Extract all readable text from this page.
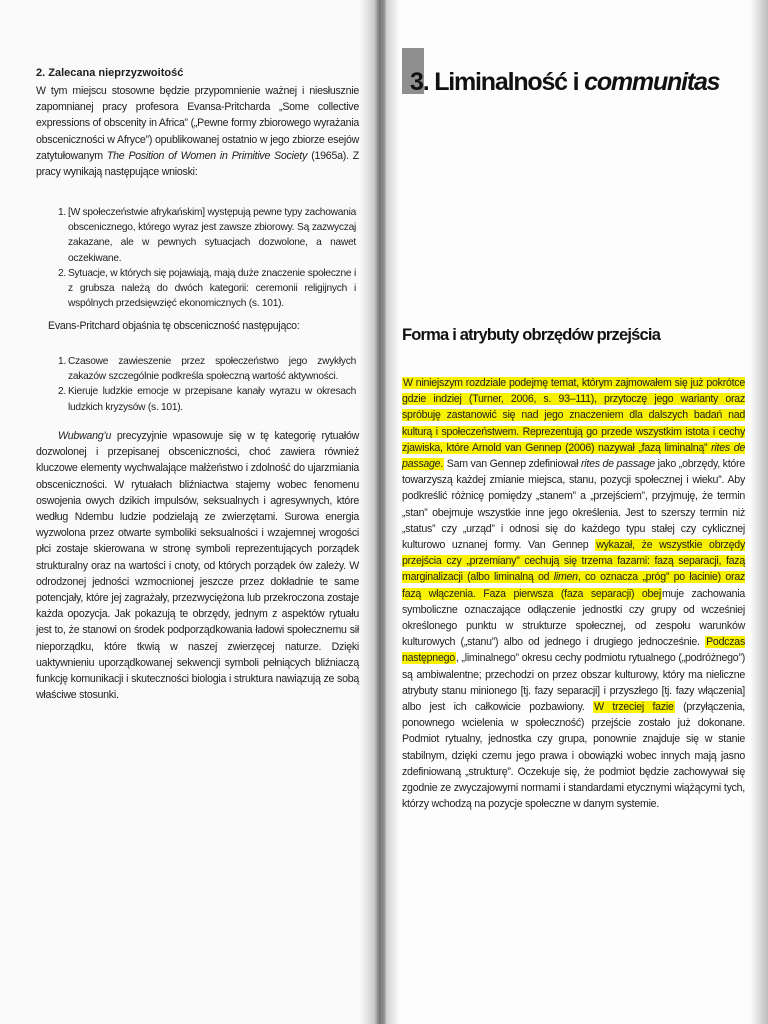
2. Zalecana nieprzyzwoitość
W tym miejscu stosowne będzie przypomnienie ważnej i niesłusznie zapomnianej pracy profesora Evansa-Pritcharda „Some collective expressions of obscenity in Africa” („Pewne formy zbiorowego wyrażania obsceniczności w Afryce”) opublikowanej ostatnio w jego zbiorze esejów zatytułowanym The Position of Women in Primitive Society (1965a). Z pracy wynikają następujące wnioski:
1. [W społeczeństwie afrykańskim] występują pewne typy zachowania obscenicznego, którego wyraz jest zawsze zbiorowy. Są zazwyczaj zakazane, ale w pewnych sytuacjach dozwolone, a nawet oczekiwane.
2. Sytuacje, w których się pojawiają, mają duże znaczenie społeczne i z grubsza należą do dwóch kategorii: ceremonii religijnych i wspólnych przedsięwzięć ekonomicznych (s. 101).
Evans-Pritchard objaśnia tę obsceniczność następująco:
1. Czasowe zawieszenie przez społeczeństwo jego zwykłych zakazów szczególnie podkreśla społeczną wartość aktywności.
2. Kieruje ludzkie emocje w przepisane kanały wyrazu w okresach ludzkich kryzysów (s. 101).
Wubwang’u precyzyjnie wpasowuje się w tę kategorię rytuałów dozwolonej i przepisanej obsceniczności, choć zawiera również kluczowe elementy wychwalające małżeństwo i zdolność do ujarzmiania obsceniczności. W rytuałach bliźniactwa stajemy wobec fenomenu oswojenia owych dzikich impulsów, seksualnych i agresywnych, które według Ndembu ludzie podzielają ze zwierzętami. Surowa energia wyzwolona przez otwarte symboliki seksualności i wzajemnej wrogości płci zostaje skierowana w stronę symboli reprezentujących porządek strukturalny oraz na wartości i cnoty, od których porządek ów zależy. W odrodzonej jedności wzmocnionej jeszcze przez dokładnie te same potencjały, które jej zagrażały, przezwyciężona lub przekroczona zostaje każda opozycja. Jak pokazują te obrzędy, jednym z aspektów rytuału jest to, że stanowi on środek podporządkowania ładowi społecznemu sił nieporządku, które tkwią w naszej zwierzęcej naturze. Dzięki uaktywnieniu uporządkowanej sekwencji symboli pełniących bliźniaczą funkcję komunikacji i skuteczności biologia i struktura nawiązują ze sobą właściwe stosunki.
3. Liminalność i communitas
Forma i atrybuty obrzędów przejścia
W niniejszym rozdziale podejmę temat, którym zajmowałem się już pokrótce gdzie indziej (Turner, 2006, s. 93–111), przytoczę jego warianty oraz spróbuję zastanowić się nad jego znaczeniem dla dalszych badań nad kulturą i społeczeństwem. Reprezentują go przede wszystkim istota i cechy zjawiska, które Arnold van Gennep (2006) nazywał „fazą liminalną” rites de passage. Sam van Gennep zdefiniował rites de passage jako „obrzędy, które towarzyszą każdej zmianie miejsca, stanu, pozycji społecznej i wieku”. Aby podkreślić różnicę pomiędzy „stanem” a „przejściem”, przyjmuję, że termin „stan” obejmuje wszystkie inne jego określenia. Jest to szerszy termin niż „status” czy „urząd” i odnosi się do każdego typu stałej czy cyklicznej kulturowo uznanej formy. Van Gennep wykazał, że wszystkie obrzędy przejścia czy „przemiany” cechują się trzema fazami: fazą separacji, fazą marginalizacji (albo liminalną od limen, co oznacza „próg” po łacinie) oraz fazą włączenia. Faza pierwsza (faza separacji) obejmuje zachowania symboliczne oznaczające odłączenie jednostki czy grupy od wcześniej określonego punktu w strukturze społecznej, od zespołu warunków kulturowych („stanu”) albo od jednego i drugiego jednocześnie. Podczas następnego, „liminalnego” okresu cechy podmiotu rytualnego („podróżnego”) są ambiwalentne; przechodzi on przez obszar kulturowy, który ma nieliczne atrybuty stanu minionego [tj. fazy separacji] i przyszłego [tj. fazy włączenia] albo jest ich całkowicie pozbawiony. W trzeciej fazie (przyłączenia, ponownego wcielenia w społeczność) przejście zostało już dokonane. Podmiot rytualny, jednostka czy grupa, ponownie znajduje się w stanie stabilnym, dzięki czemu jego prawa i obowiązki wobec innych mają jasno zdefiniowaną „strukturę”. Oczekuje się, że podmiot będzie zachowywał się zgodnie ze zwyczajowymi normami i standardami etycznymi wiążącymi tych, którzy wchodzą na pozycje społeczne w danym systemie.
